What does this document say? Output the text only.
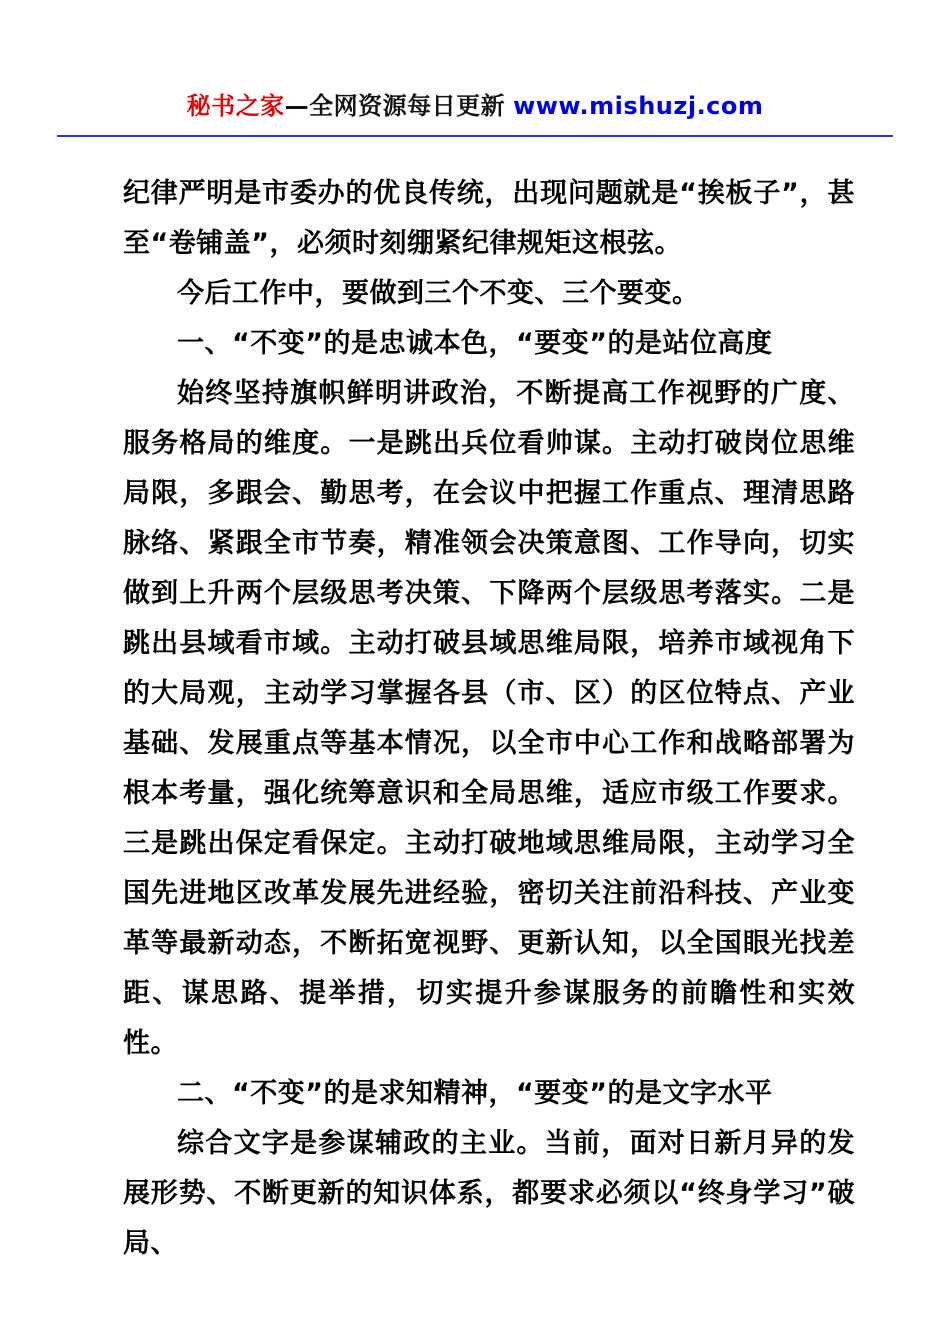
秘书之家—全网资源每日更新 www.mishuzj.com

纪律严明是市委办的优良传统，出现问题就是“挨板子”，甚至“卷铺盖”，必须时刻绷紧纪律规矩这根弦。

今后工作中，要做到三个不变、三个要变。

一、“不变”的是忠诚本色，“要变”的是站位高度

始终坚持旗帜鲜明讲政治，不断提高工作视野的广度、服务格局的维度。一是跳出兵位看帅谋。主动打破岗位思维局限，多跟会、勤思考，在会议中把握工作重点、理清思路脉络、紧跟全市节奏，精准领会决策意图、工作导向，切实做到上升两个层级思考决策、下降两个层级思考落实。二是跳出县域看市域。主动打破县域思维局限，培养市域视角下的大局观，主动学习掌握各县（市、区）的区位特点、产业基础、发展重点等基本情况，以全市中心工作和战略部署为根本考量，强化统筹意识和全局思维，适应市级工作要求。三是跳出保定看保定。主动打破地域思维局限，主动学习全国先进地区改革发展先进经验，密切关注前沿科技、产业变革等最新动态，不断拓宽视野、更新认知，以全国眼光找差距、谋思路、提举措，切实提升参谋服务的前瞻性和实效性。

二、“不变”的是求知精神，“要变”的是文字水平

综合文字是参谋辅政的主业。当前，面对日新月异的发展形势、不断更新的知识体系，都要求必须以“终身学习”破局、
